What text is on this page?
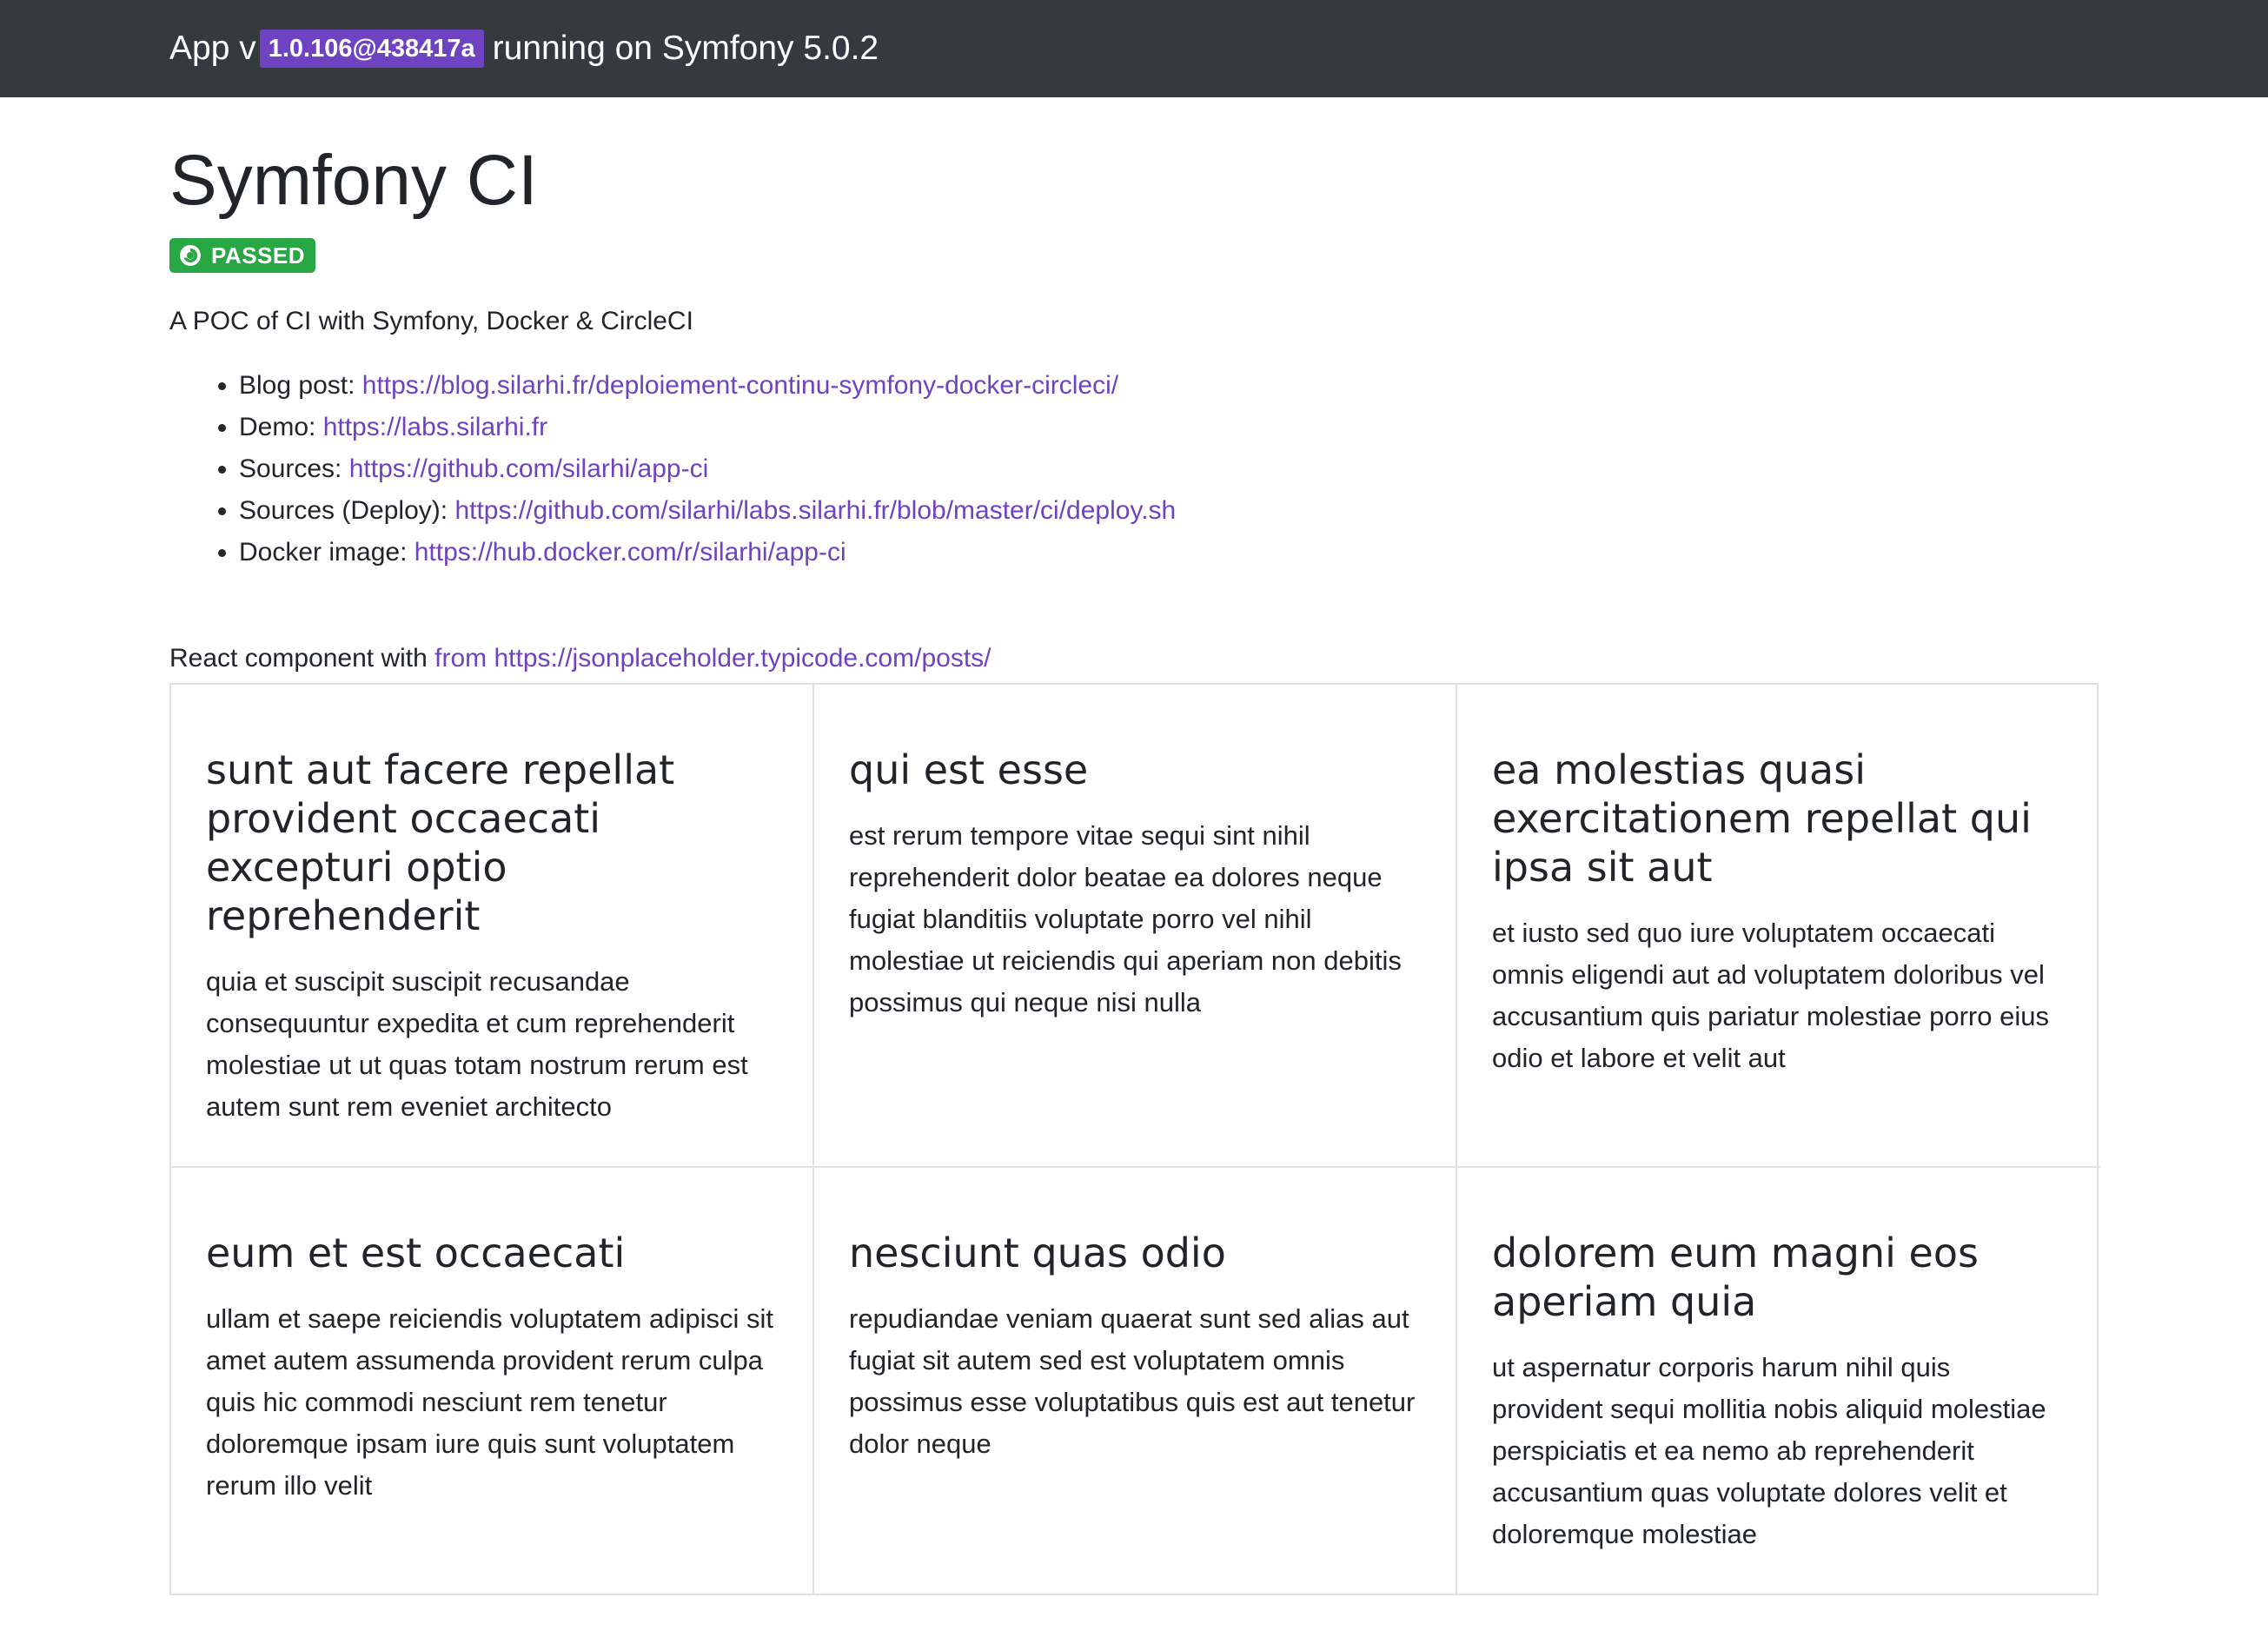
App v 1.0.106@438417a running on Symfony 5.0.2
Symfony CI
PASSED

A POC of CI with Symfony, Docker & CircleCI

• Blog post: https://blog.silarhi.fr/deploiement-continu-symfony-docker-circleci/
• Demo: https://labs.silarhi.fr
• Sources: https://github.com/silarhi/app-ci
• Sources (Deploy): https://github.com/silarhi/labs.silarhi.fr/blob/master/ci/deploy.sh
• Docker image: https://hub.docker.com/r/silarhi/app-ci

React component with from https://jsonplaceholder.typicode.com/posts/

sunt aut facere repellat provident occaecati excepturi optio reprehenderit

quia et suscipit suscipit recusandae consequuntur expedita et cum reprehenderit molestiae ut ut quas totam nostrum rerum est autem sunt rem eveniet architecto

qui est esse

est rerum tempore vitae sequi sint nihil reprehenderit dolor beatae ea dolores neque fugiat blanditiis voluptate porro vel nihil molestiae ut reiciendis qui aperiam non debitis possimus qui neque nisi nulla

ea molestias quasi exercitationem repellat qui ipsa sit aut

et iusto sed quo iure voluptatem occaecati omnis eligendi aut ad voluptatem doloribus vel accusantium quis pariatur molestiae porro eius odio et labore et velit aut

eum et est occaecati

ullam et saepe reiciendis voluptatem adipisci sit amet autem assumenda provident rerum culpa quis hic commodi nesciunt rem tenetur doloremque ipsam iure quis sunt voluptatem rerum illo velit

nesciunt quas odio

repudiandae veniam quaerat sunt sed alias aut fugiat sit autem sed est voluptatem omnis possimus esse voluptatibus quis est aut tenetur dolor neque

dolorem eum magni eos aperiam quia

ut aspernatur corporis harum nihil quis provident sequi mollitia nobis aliquid molestiae perspiciatis et ea nemo ab reprehenderit accusantium quas voluptate dolores velit et doloremque molestiae
